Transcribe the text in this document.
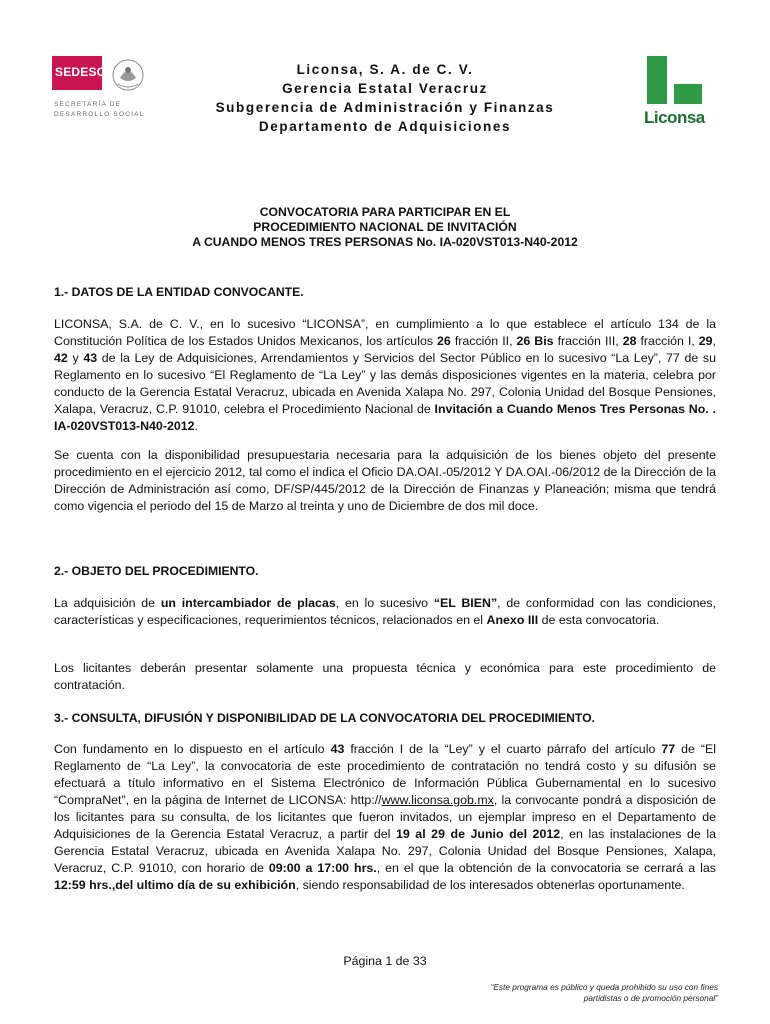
SEDESOL
SECRETARÍA DE
DESARROLLO SOCIAL
Liconsa, S. A. de C. V.
Gerencia Estatal Veracruz
Subgerencia de Administración y Finanzas
Departamento de Adquisiciones	Liconsa
CONVOCATORIA PARA PARTICIPAR EN EL
PROCEDIMIENTO NACIONAL DE INVITACIÓN
A CUANDO MENOS TRES PERSONAS No. IA-020VST013-N40-2012
1.- DATOS DE LA ENTIDAD CONVOCANTE.

LICONSA, S.A. de C. V., en lo sucesivo “LICONSA”, en cumplimiento a lo que establece el artículo 134 de la Constitución Política de los Estados Unidos Mexicanos, los artículos 26 fracción II, 26 Bis fracción III, 28 fracción I, 29, 42 y 43 de la Ley de Adquisiciones, Arrendamientos y Servicios del Sector Público en lo sucesivo “La Ley”, 77 de su Reglamento en lo sucesivo “El Reglamento de “La Ley” y las demás disposiciones vigentes en la materia, celebra por conducto de la Gerencia Estatal Veracruz, ubicada en Avenida Xalapa No. 297, Colonia Unidad del Bosque Pensiones, Xalapa, Veracruz, C.P. 91010, celebra el Procedimiento Nacional de Invitación a Cuando Menos Tres Personas No. . IA-020VST013-N40-2012.

Se cuenta con la disponibilidad presupuestaria necesaria para la adquisición de los bienes objeto del presente procedimiento en el ejercicio 2012, tal como el indica el Oficio DA.OAI.-05/2012 Y DA.OAI.-06/2012 de la Dirección de la Dirección de Administración así como, DF/SP/445/2012 de la Dirección de Finanzas y Planeación; misma que tendrá como vigencia el periodo del 15 de Marzo al treinta y uno de Diciembre de dos mil doce.

2.- OBJETO DEL PROCEDIMIENTO.

La adquisición de un intercambiador de placas, en lo sucesivo “EL BIEN”, de conformidad con las condiciones, características y especificaciones, requerimientos técnicos, relacionados en el Anexo III de esta convocatoria.

Los licitantes deberán presentar solamente una propuesta técnica y económica para este procedimiento de contratación.

3.- CONSULTA, DIFUSIÓN Y DISPONIBILIDAD DE LA CONVOCATORIA DEL PROCEDIMIENTO.

Con fundamento en lo dispuesto en el artículo 43 fracción I de la “Ley” y el cuarto párrafo del artículo 77 de “El Reglamento de “La Ley”, la convocatoria de este procedimiento de contratación no tendrá costo y su difusión se efectuará a título informativo en el Sistema Electrónico de Información Pública Gubernamental en lo sucesivo “CompraNet”, en la página de Internet de LICONSA: http://www.liconsa.gob.mx, la convocante pondrá a disposición de los licitantes para su consulta, de los licitantes que fueron invitados, un ejemplar impreso en el Departamento de Adquisiciones de la Gerencia Estatal Veracruz, a partir del 19 al 29 de Junio del 2012, en las instalaciones de la Gerencia Estatal Veracruz, ubicada en Avenida Xalapa No. 297, Colonia Unidad del Bosque Pensiones, Xalapa, Veracruz, C.P. 91010, con horario de 09:00 a 17:00 hrs., en el que la obtención de la convocatoria se cerrará a las 12:59 hrs.,del ultimo día de su exhibición, siendo responsabilidad de los interesados obtenerlas oportunamente.

Página 1 de 33
“Este programa es público y queda prohibido su uso con fines
partidistas o de promoción personal”
